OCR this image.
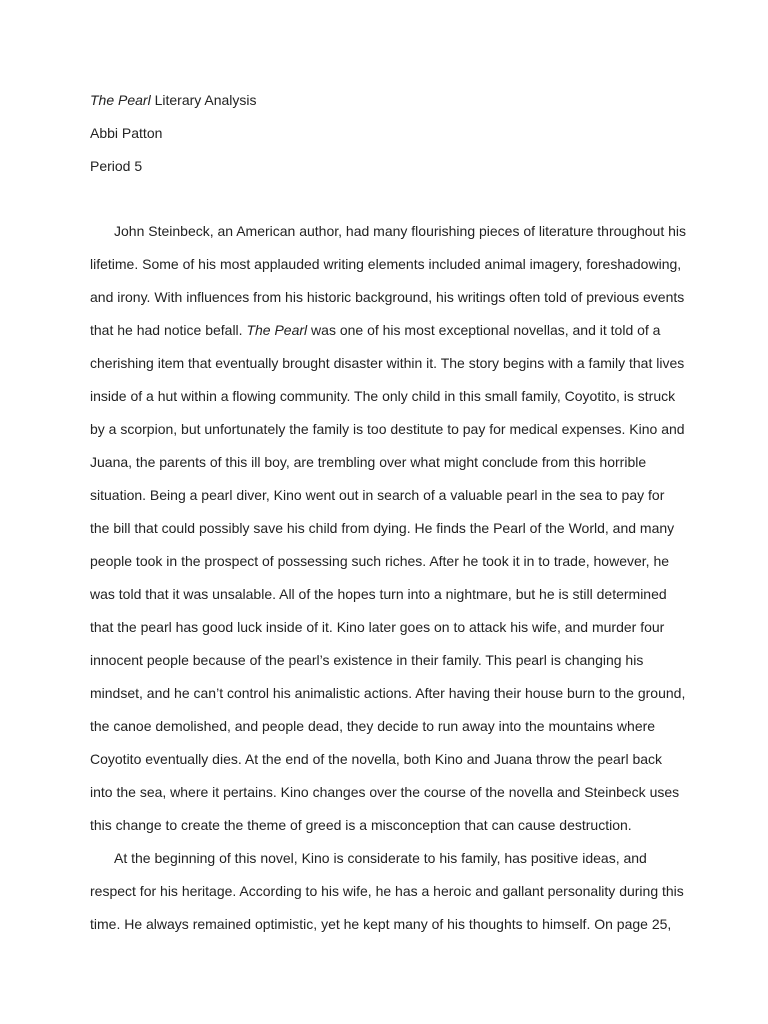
The Pearl Literary Analysis
Abbi Patton
Period 5
John Steinbeck, an American author, had many flourishing pieces of literature throughout his
lifetime. Some of his most applauded writing elements included animal imagery, foreshadowing,
and irony. With influences from his historic background, his writings often told of previous events
that he had notice befall. The Pearl was one of his most exceptional novellas, and it told of a
cherishing item that eventually brought disaster within it. The story begins with a family that lives
inside of a hut within a flowing community. The only child in this small family, Coyotito, is struck
by a scorpion, but unfortunately the family is too destitute to pay for medical expenses. Kino and
Juana, the parents of this ill boy, are trembling over what might conclude from this horrible
situation. Being a pearl diver, Kino went out in search of a valuable pearl in the sea to pay for
the bill that could possibly save his child from dying. He finds the Pearl of the World, and many
people took in the prospect of possessing such riches. After he took it in to trade, however, he
was told that it was unsalable. All of the hopes turn into a nightmare, but he is still determined
that the pearl has good luck inside of it. Kino later goes on to attack his wife, and murder four
innocent people because of the pearl’s existence in their family. This pearl is changing his
mindset, and he can’t control his animalistic actions. After having their house burn to the ground,
the canoe demolished, and people dead, they decide to run away into the mountains where
Coyotito eventually dies. At the end of the novella, both Kino and Juana throw the pearl back
into the sea, where it pertains. Kino changes over the course of the novella and Steinbeck uses
this change to create the theme of greed is a misconception that can cause destruction.
At the beginning of this novel, Kino is considerate to his family, has positive ideas, and
respect for his heritage. According to his wife, he has a heroic and gallant personality during this
time. He always remained optimistic, yet he kept many of his thoughts to himself. On page 25,
